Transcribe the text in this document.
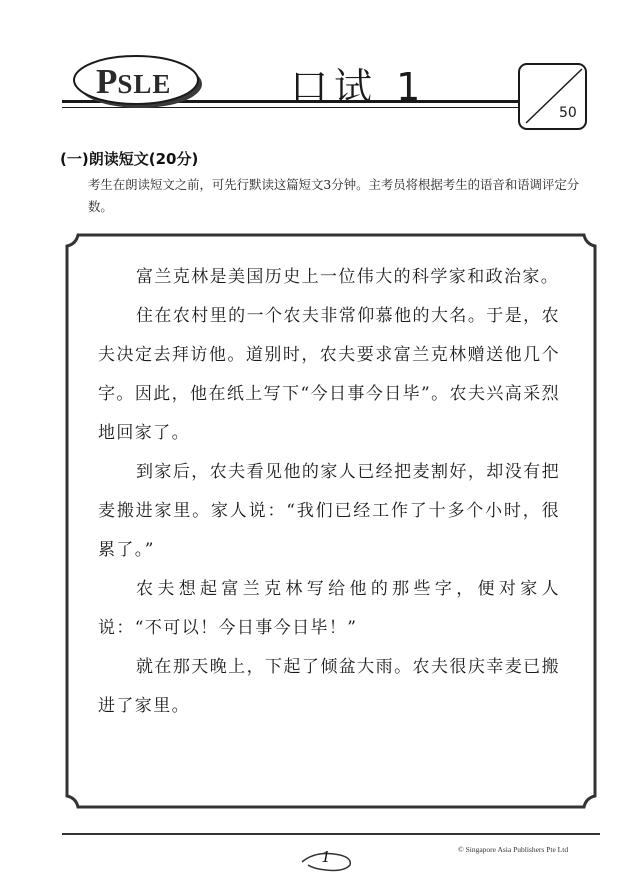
PSLE	口试 1
50
(一)朗读短文(20分)
考生在朗读短文之前，可先行默读这篇短文3分钟。主考员将根据考生的语音和语调评定分数。

富兰克林是美国历史上一位伟大的科学家和政治家。

住在农村里的一个农夫非常仰慕他的大名。于是，农夫决定去拜访他。道别时，农夫要求富兰克林赠送他几个字。因此，他在纸上写下“今日事今日毕”。农夫兴高采烈地回家了。

到家后，农夫看见他的家人已经把麦割好，却没有把麦搬进家里。家人说：“我们已经工作了十多个小时，很累了。”

农夫想起富兰克林写给他的那些字，便对家人说：“不可以！今日事今日毕！”

就在那天晚上，下起了倾盆大雨。农夫很庆幸麦已搬进了家里。

© Singapore Asia Publishers Pte Ltd
1
